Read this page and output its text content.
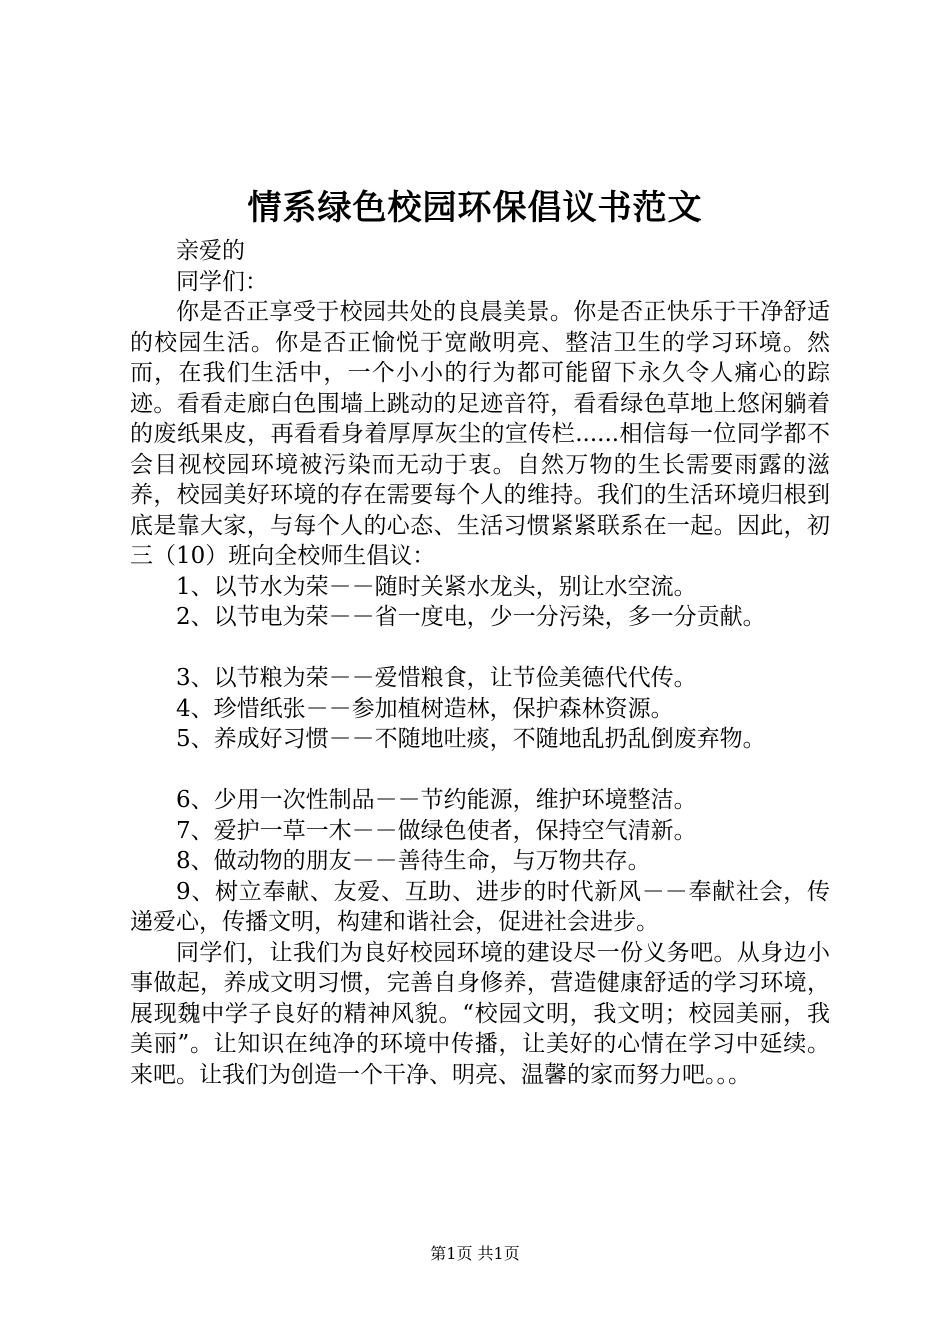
情系绿色校园环保倡议书范文

亲爱的

同学们：

你是否正享受于校园共处的良晨美景。你是否正快乐于干净舒适的校园生活。你是否正愉悦于宽敞明亮、整洁卫生的学习环境。然而，在我们生活中，一个小小的行为都可能留下永久令人痛心的踪迹。看看走廊白色围墙上跳动的足迹音符，看看绿色草地上悠闲躺着的废纸果皮，再看看身着厚厚灰尘的宣传栏......相信每一位同学都不会目视校园环境被污染而无动于衷。自然万物的生长需要雨露的滋养，校园美好环境的存在需要每个人的维持。我们的生活环境归根到底是靠大家，与每个人的心态、生活习惯紧紧联系在一起。因此，初三（10）班向全校师生倡议：

1、以节水为荣－－随时关紧水龙头，别让水空流。

2、以节电为荣－－省一度电，少一分污染，多一分贡献。

3、以节粮为荣－－爱惜粮食，让节俭美德代代传。

4、珍惜纸张－－参加植树造林，保护森林资源。

5、养成好习惯－－不随地吐痰，不随地乱扔乱倒废弃物。

6、少用一次性制品－－节约能源，维护环境整洁。

7、爱护一草一木－－做绿色使者，保持空气清新。

8、做动物的朋友－－善待生命，与万物共存。

9、树立奉献、友爱、互助、进步的时代新风－－奉献社会，传递爱心，传播文明，构建和谐社会，促进社会进步。

同学们，让我们为良好校园环境的建设尽一份义务吧。从身边小事做起，养成文明习惯，完善自身修养，营造健康舒适的学习环境，展现魏中学子良好的精神风貌。“校园文明，我文明；校园美丽，我美丽”。让知识在纯净的环境中传播，让美好的心情在学习中延续。来吧。让我们为创造一个干净、明亮、温馨的家而努力吧。。。

第1页 共1页
